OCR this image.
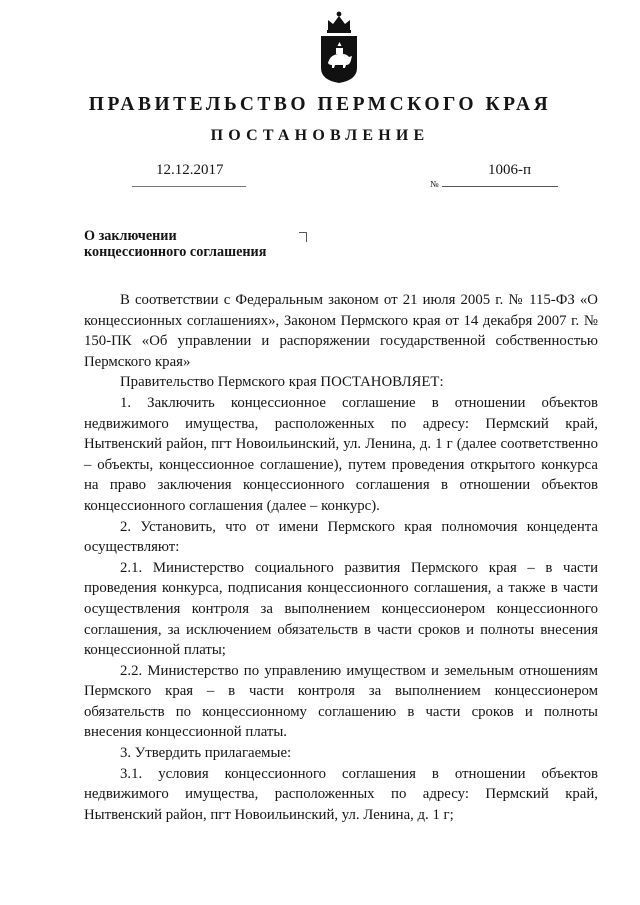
ПРАВИТЕЛЬСТВО ПЕРМСКОГО КРАЯ
ПОСТАНОВЛЕНИЕ
12.12.2017	1006-п
№
О заключении
концессионного соглашения

В соответствии с Федеральным законом от 21 июля 2005 г. № 115-ФЗ «О концессионных соглашениях», Законом Пермского края от 14 декабря 2007 г. № 150-ПК «Об управлении и распоряжении государственной собственностью Пермского края»

Правительство Пермского края ПОСТАНОВЛЯЕТ:

1. Заключить концессионное соглашение в отношении объектов недвижимого имущества, расположенных по адресу: Пермский край, Нытвенский район, пгт Новоильинский, ул. Ленина, д. 1 г (далее соответственно – объекты, концессионное соглашение), путем проведения открытого конкурса на право заключения концессионного соглашения в отношении объектов концессионного соглашения (далее – конкурс).

2. Установить, что от имени Пермского края полномочия концедента осуществляют:

2.1. Министерство социального развития Пермского края – в части проведения конкурса, подписания концессионного соглашения, а также в части осуществления контроля за выполнением концессионером концессионного соглашения, за исключением обязательств в части сроков и полноты внесения концессионной платы;

2.2. Министерство по управлению имуществом и земельным отношениям Пермского края – в части контроля за выполнением концессионером обязательств по концессионному соглашению в части сроков и полноты внесения концессионной платы.

3. Утвердить прилагаемые:

3.1. условия концессионного соглашения в отношении объектов недвижимого имущества, расположенных по адресу: Пермский край, Нытвенский район, пгт Новоильинский, ул. Ленина, д. 1 г;
